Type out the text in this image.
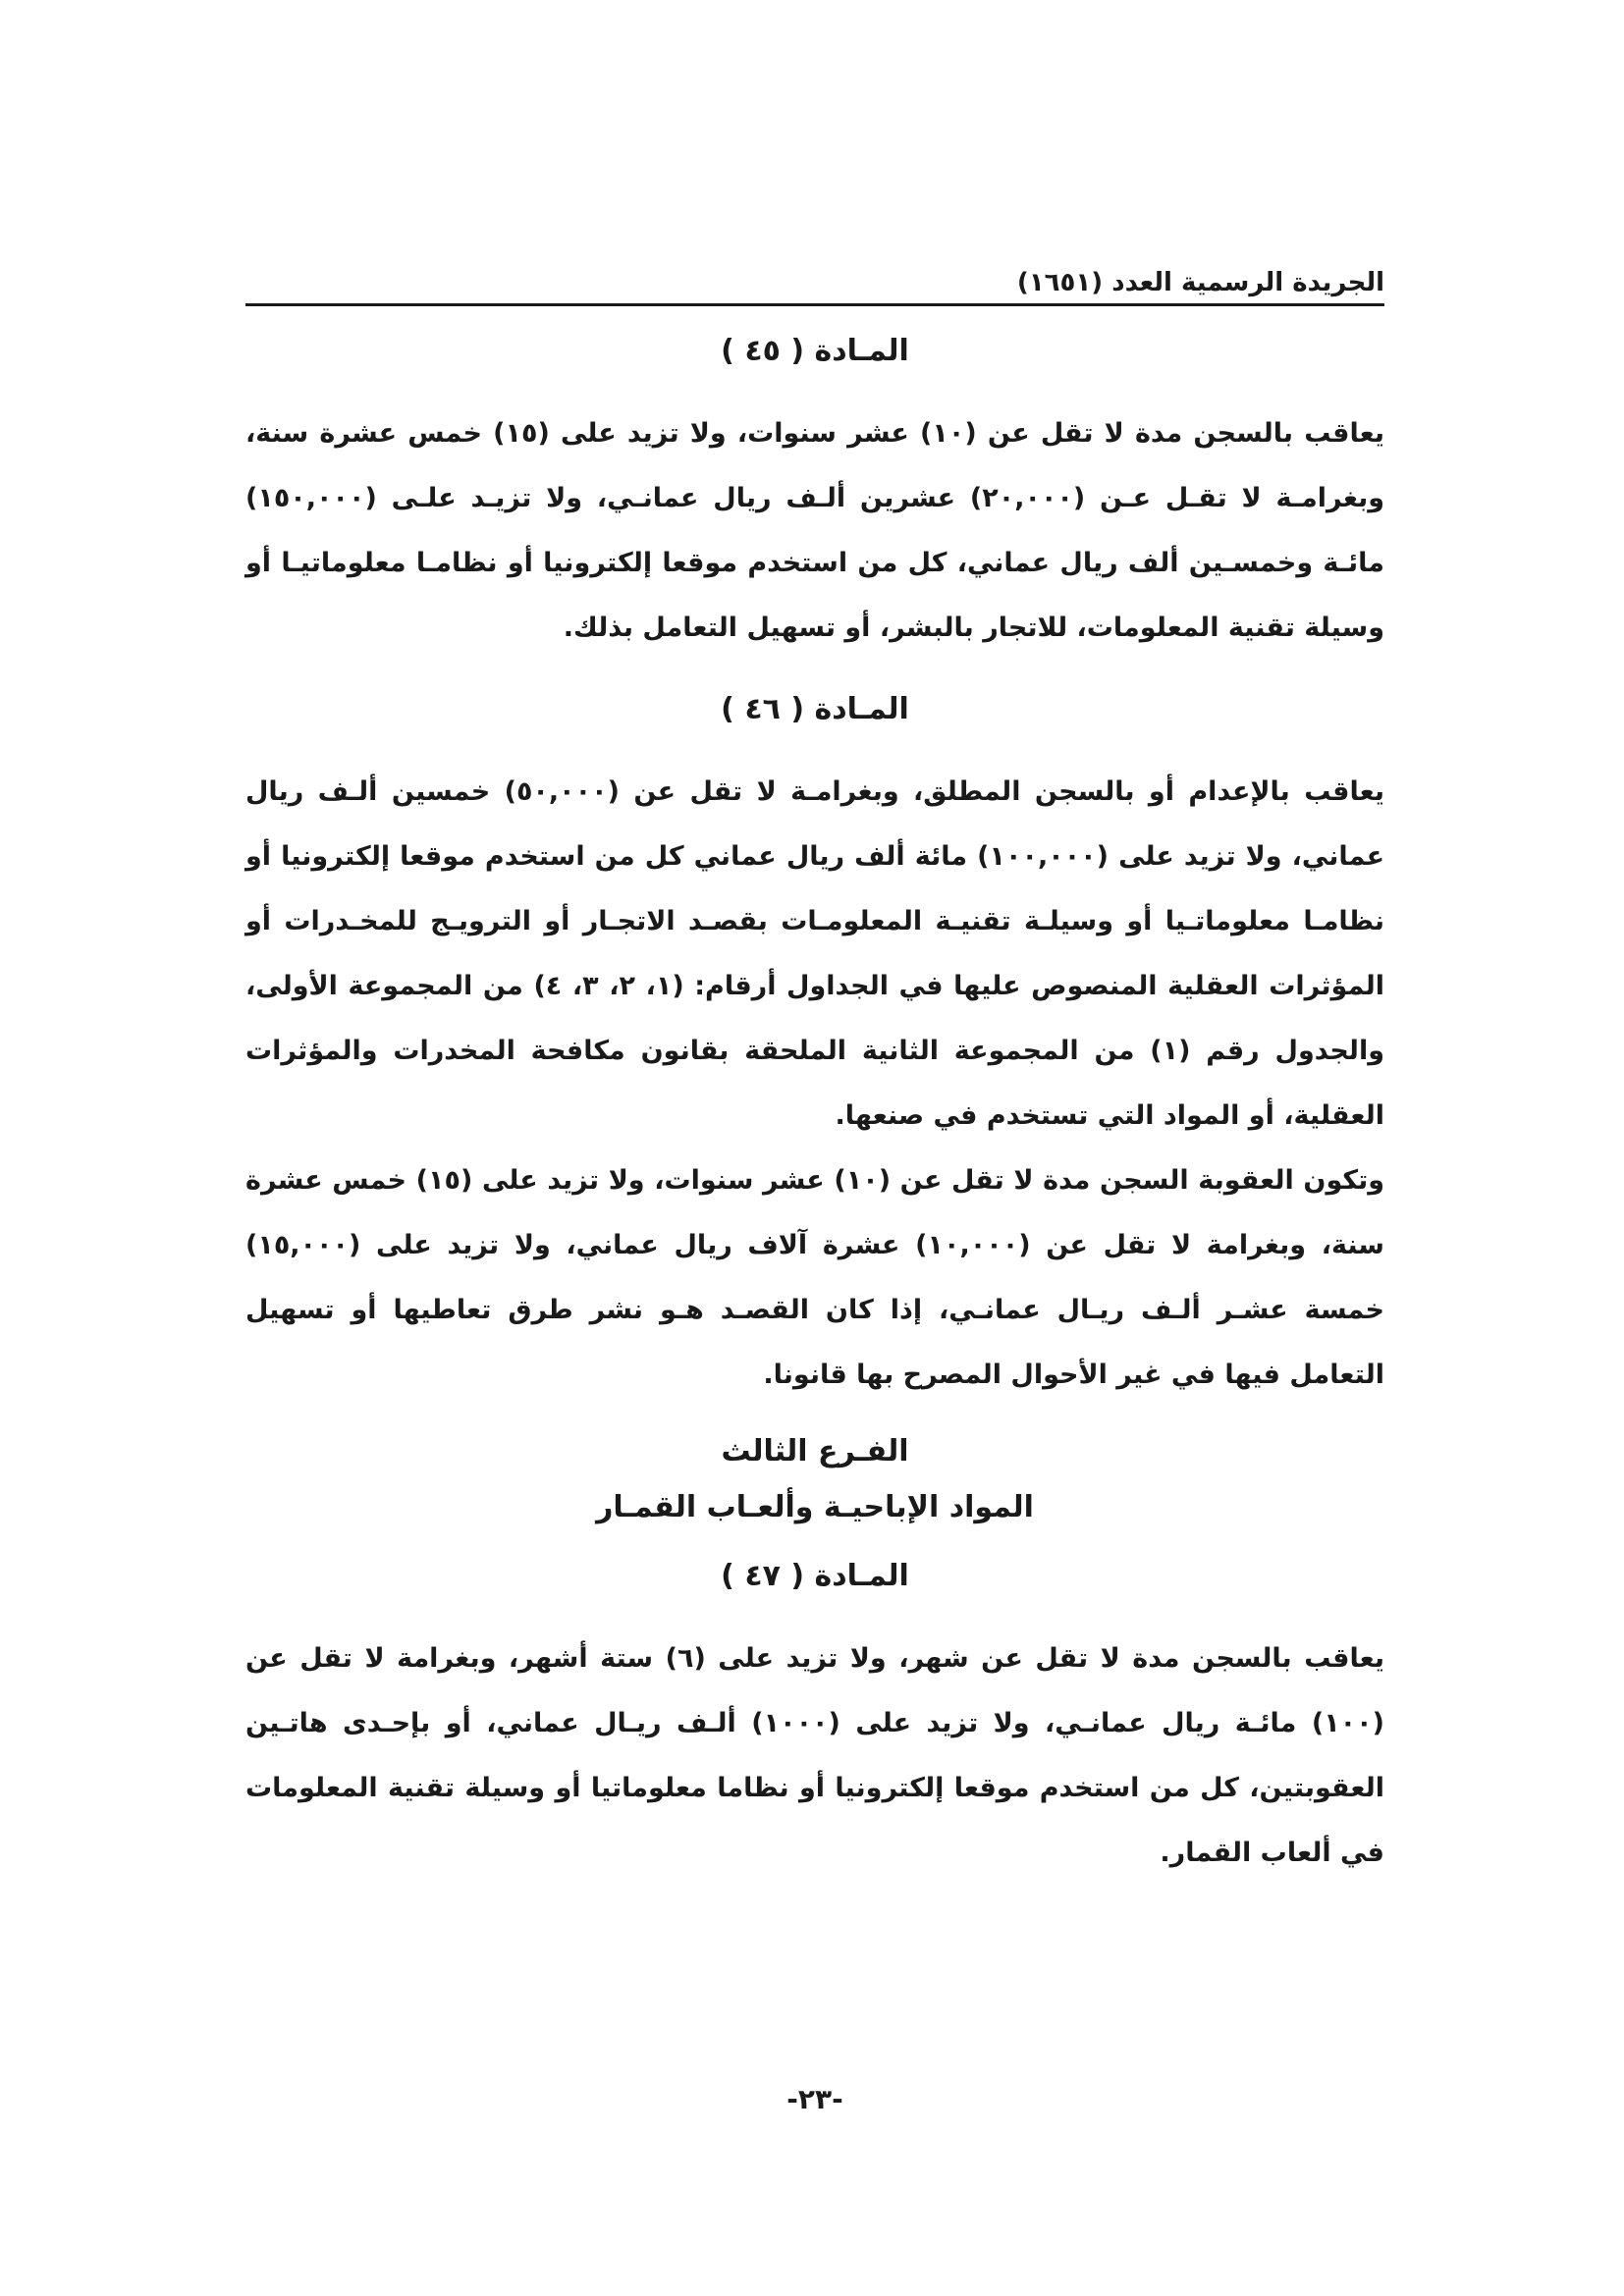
الجريدة الرسمية العدد (١٦٥١)
المـادة ( ٤٥ )

يعاقب بالسجن مدة لا تقل عن (١٠) عشر سنوات، ولا تزيد على (١٥) خمس عشرة سنة، وبغرامـة لا تقـل عـن (٢٠,٠٠٠) عشرين ألـف ريال عمانـي، ولا تزيـد علـى (١٥٠,٠٠٠) مائـة وخمسـين ألف ريال عماني، كل من استخدم موقعا إلكترونيا أو نظامـا معلوماتيـا أو وسيلة تقنية المعلومات، للاتجار بالبشر، أو تسهيل التعامل بذلك.

المـادة ( ٤٦ )

يعاقب بالإعدام أو بالسجن المطلق، وبغرامـة لا تقل عن (٥٠,٠٠٠) خمسين ألـف ريال عماني، ولا تزيد على (١٠٠,٠٠٠) مائة ألف ريال عماني كل من استخدم موقعا إلكترونيا أو نظامـا معلوماتـيا أو وسيلـة تقنيـة المعلومـات بقصـد الاتجـار أو الترويـج للمخـدرات أو المؤثرات العقلية المنصوص عليها في الجداول أرقام: (١، ٢، ٣، ٤) من المجموعة الأولى، والجدول رقم (١) من المجموعة الثانية الملحقة بقانون مكافحة المخدرات والمؤثرات العقلية، أو المواد التي تستخدم في صنعها.

وتكون العقوبة السجن مدة لا تقل عن (١٠) عشر سنوات، ولا تزيد على (١٥) خمس عشرة سنة، وبغرامة لا تقل عن (١٠,٠٠٠) عشرة آلاف ريال عماني، ولا تزيد على (١٥,٠٠٠) خمسة عشـر ألـف ريـال عمانـي، إذا كان القصـد هـو نشر طرق تعاطيها أو تسهيل التعامل فيها في غير الأحوال المصرح بها قانونا.

الفـرع الثالث
المواد الإباحيـة وألعـاب القمـار
المـادة ( ٤٧ )

يعاقب بالسجن مدة لا تقل عن شهر، ولا تزيد على (٦) ستة أشهر، وبغرامة لا تقل عن (١٠٠) مائـة ريال عمانـي، ولا تزيد على (١٠٠٠) ألـف ريـال عماني، أو بإحـدى هاتـين العقوبتين، كل من استخدم موقعا إلكترونيا أو نظاما معلوماتيا أو وسيلة تقنية المعلومات في ألعاب القمار.

-٢٣-
